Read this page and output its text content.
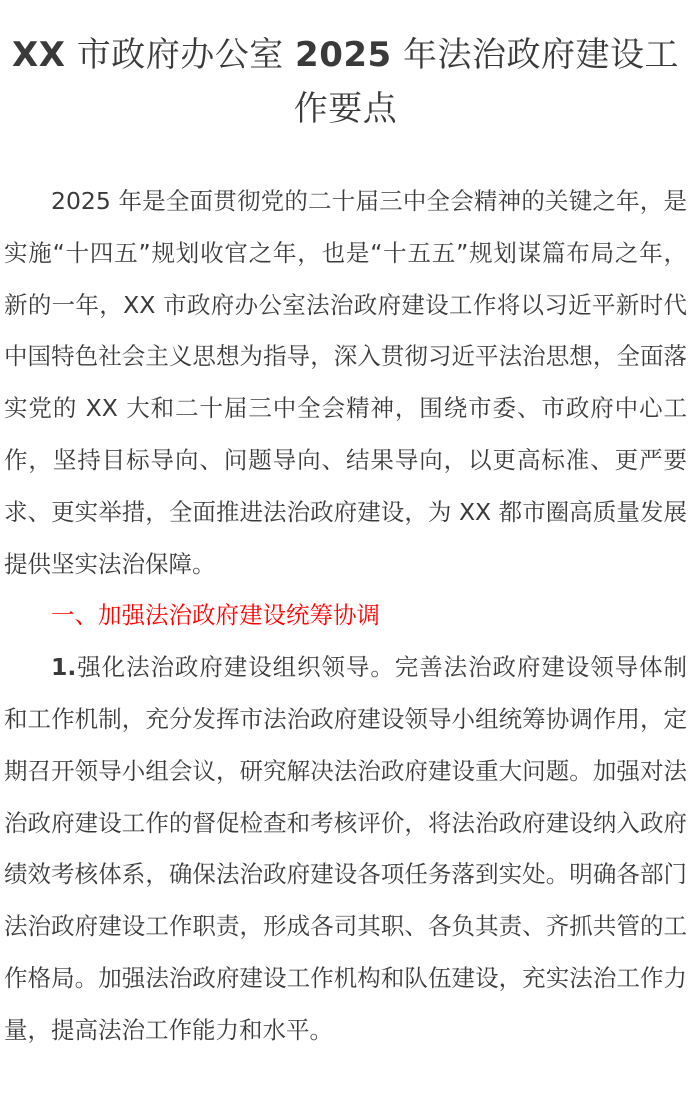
XX 市政府办公室 2025 年法治政府建设工作要点

2025 年是全面贯彻党的二十届三中全会精神的关键之年，是实施“十四五”规划收官之年，也是“十五五”规划谋篇布局之年，新的一年，XX 市政府办公室法治政府建设工作将以习近平新时代中国特色社会主义思想为指导，深入贯彻习近平法治思想，全面落实党的 XX 大和二十届三中全会精神，围绕市委、市政府中心工作，坚持目标导向、问题导向、结果导向，以更高标准、更严要求、更实举措，全面推进法治政府建设，为 XX 都市圈高质量发展提供坚实法治保障。

一、加强法治政府建设统筹协调

1.强化法治政府建设组织领导。完善法治政府建设领导体制和工作机制，充分发挥市法治政府建设领导小组统筹协调作用，定期召开领导小组会议，研究解决法治政府建设重大问题。加强对法治政府建设工作的督促检查和考核评价，将法治政府建设纳入政府绩效考核体系，确保法治政府建设各项任务落到实处。明确各部门法治政府建设工作职责，形成各司其职、各负其责、齐抓共管的工作格局。加强法治政府建设工作机构和队伍建设，充实法治工作力量，提高法治工作能力和水平。
